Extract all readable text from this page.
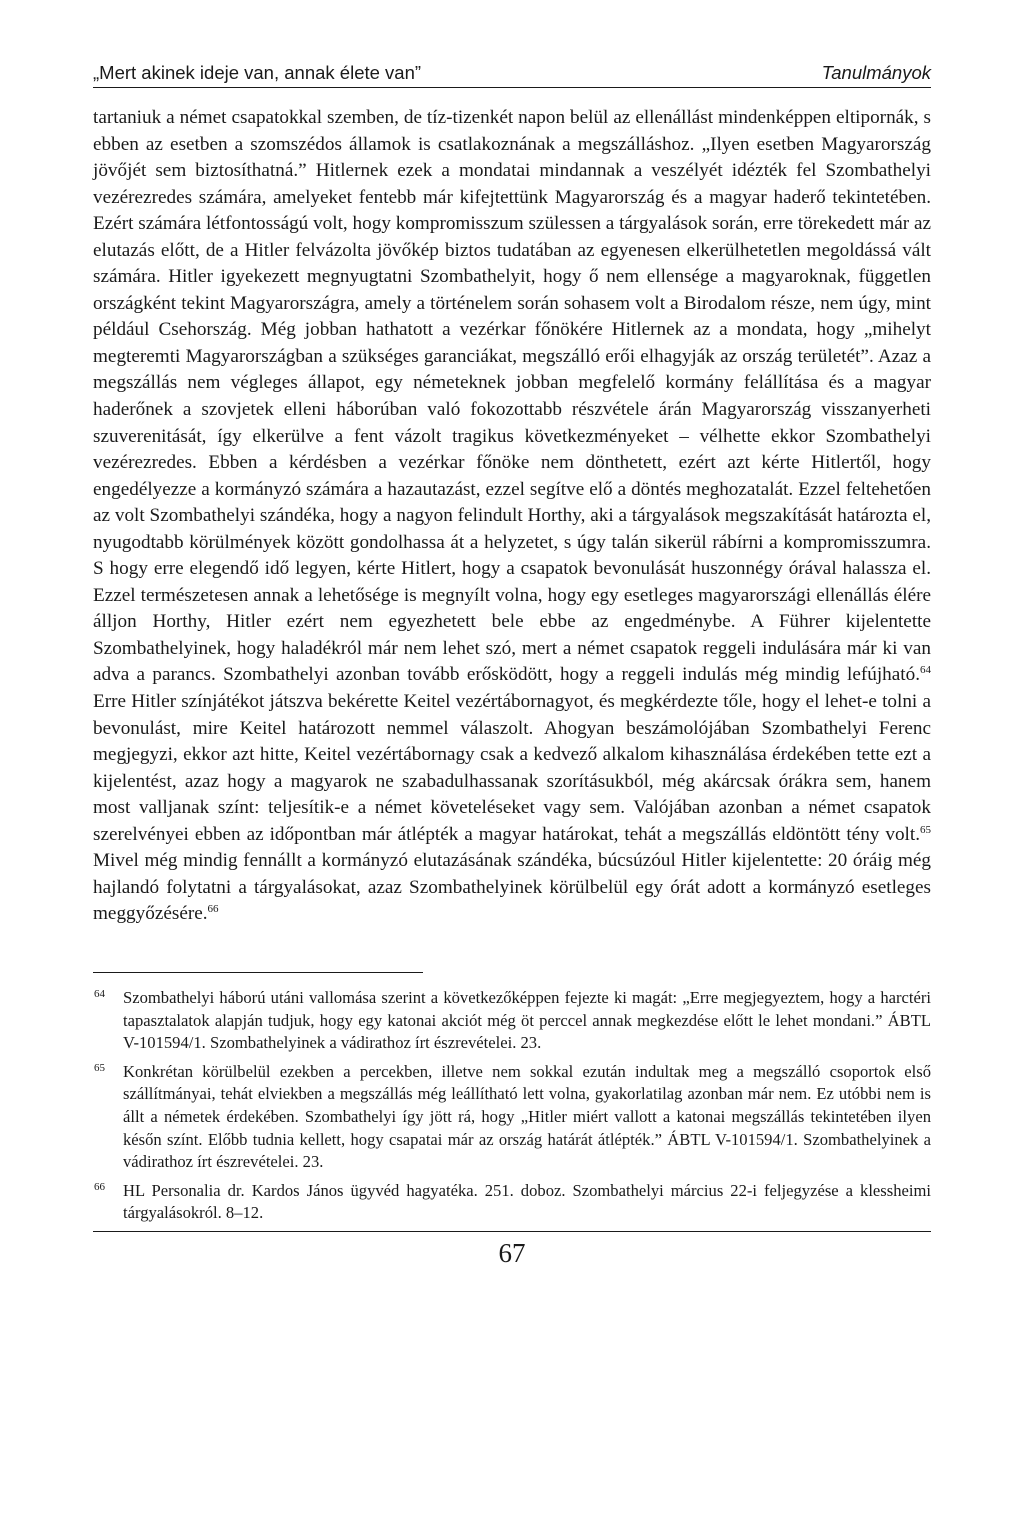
„Mert akinek ideje van, annak élete van”	Tanulmányok

tartaniuk a német csapatokkal szemben, de tíz-tizenkét napon belül az ellenállást mindenképpen eltipornák, s ebben az esetben a szomszédos államok is csatlakoznának a megszálláshoz. „Ilyen esetben Magyarország jövőjét sem biztosíthatná.” Hitlernek ezek a mondatai mindannak a veszélyét idézték fel Szombathelyi vezérezredes számára, amelyeket fentebb már kifejtettünk Magyarország és a magyar haderő tekintetében. Ezért számára létfontosságú volt, hogy kompromisszum szülessen a tárgyalások során, erre törekedett már az elutazás előtt, de a Hitler felvázolta jövőkép biztos tudatában az egyenesen elkerülhetetlen megoldássá vált számára. Hitler igyekezett megnyugtatni Szombathelyit, hogy ő nem ellensége a magyaroknak, független országként tekint Magyarországra, amely a történelem során sohasem volt a Birodalom része, nem úgy, mint például Csehország. Még jobban hathatott a vezérkar főnökére Hitlernek az a mondata, hogy „mihelyt megteremti Magyarországban a szükséges garanciákat, megszálló erői elhagyják az ország területét”. Azaz a megszállás nem végleges állapot, egy németeknek jobban megfelelő kormány felállítása és a magyar haderőnek a szovjetek elleni háborúban való fokozottabb részvétele árán Magyarország visszanyerheti szuverenitását, így elkerülve a fent vázolt tragikus következményeket – vélhette ekkor Szombathelyi vezérezredes. Ebben a kérdésben a vezérkar főnöke nem dönthetett, ezért azt kérte Hitlertől, hogy engedélyezze a kormányzó számára a hazautazást, ezzel segítve elő a döntés meghozatalát. Ezzel feltehetően az volt Szombathelyi szándéka, hogy a nagyon felindult Horthy, aki a tárgyalások megszakítását határozta el, nyugodtabb körülmények között gondolhassa át a helyzetet, s úgy talán sikerül rábírni a kompromisszumra. S hogy erre elegendő idő legyen, kérte Hitlert, hogy a csapatok bevonulását huszonnégy órával halassza el. Ezzel természetesen annak a lehetősége is megnyílt volna, hogy egy esetleges magyarországi ellenállás élére álljon Horthy, Hitler ezért nem egyezhetett bele ebbe az engedménybe. A Führer kijelentette Szombathelyinek, hogy haladékról már nem lehet szó, mert a német csapatok reggeli indulására már ki van adva a parancs. Szombathelyi azonban tovább erősködött, hogy a reggeli indulás még mindig lefújható.$^{64}$ Erre Hitler színjátékot játszva bekérette Keitel vezértábornagyot, és megkérdezte tőle, hogy el lehet-e tolni a bevonulást, mire Keitel határozott nemmel válaszolt. Ahogyan beszámolójában Szombathelyi Ferenc megjegyzi, ekkor azt hitte, Keitel vezértábornagy csak a kedvező alkalom kihasználása érdekében tette ezt a kijelentést, azaz hogy a magyarok ne szabadulhassanak szorításukból, még akárcsak órákra sem, hanem most valljanak színt: teljesítik-e a német követeléseket vagy sem. Valójában azonban a német csapatok szerelvényei ebben az időpontban már átlépték a magyar határokat, tehát a megszállás eldöntött tény volt.$^{65}$ Mivel még mindig fennállt a kormányzó elutazásának szándéka, búcsúzóul Hitler kijelentette: 20 óráig még hajlandó folytatni a tárgyalásokat, azaz Szombathelyinek körülbelül egy órát adott a kormányzó esetleges meggyőzésére.$^{66}$

64 Szombathelyi háború utáni vallomása szerint a következőképpen fejezte ki magát: „Erre megjegyeztem, hogy a harctéri tapasztalatok alapján tudjuk, hogy egy katonai akciót még öt perccel annak megkezdése előtt le lehet mondani.” ÁBTL V-101594/1. Szombathelyinek a vádirathoz írt észrevételei. 23.
65 Konkrétan körülbelül ezekben a percekben, illetve nem sokkal ezután indultak meg a megszálló csoportok első szállítmányai, tehát elviekben a megszállás még leállítható lett volna, gyakorlatilag azonban már nem. Ez utóbbi nem is állt a németek érdekében. Szombathelyi így jött rá, hogy „Hitler miért vallott a katonai megszállás tekintetében ilyen későn színt. Előbb tudnia kellett, hogy csapatai már az ország határát átlépték.” ÁBTL V-101594/1. Szombathelyinek a vádirathoz írt észrevételei. 23.
66 HL Personalia dr. Kardos János ügyvéd hagyatéka. 251. doboz. Szombathelyi március 22-i feljegyzése a klessheimi tárgyalásokról. 8–12.
67
